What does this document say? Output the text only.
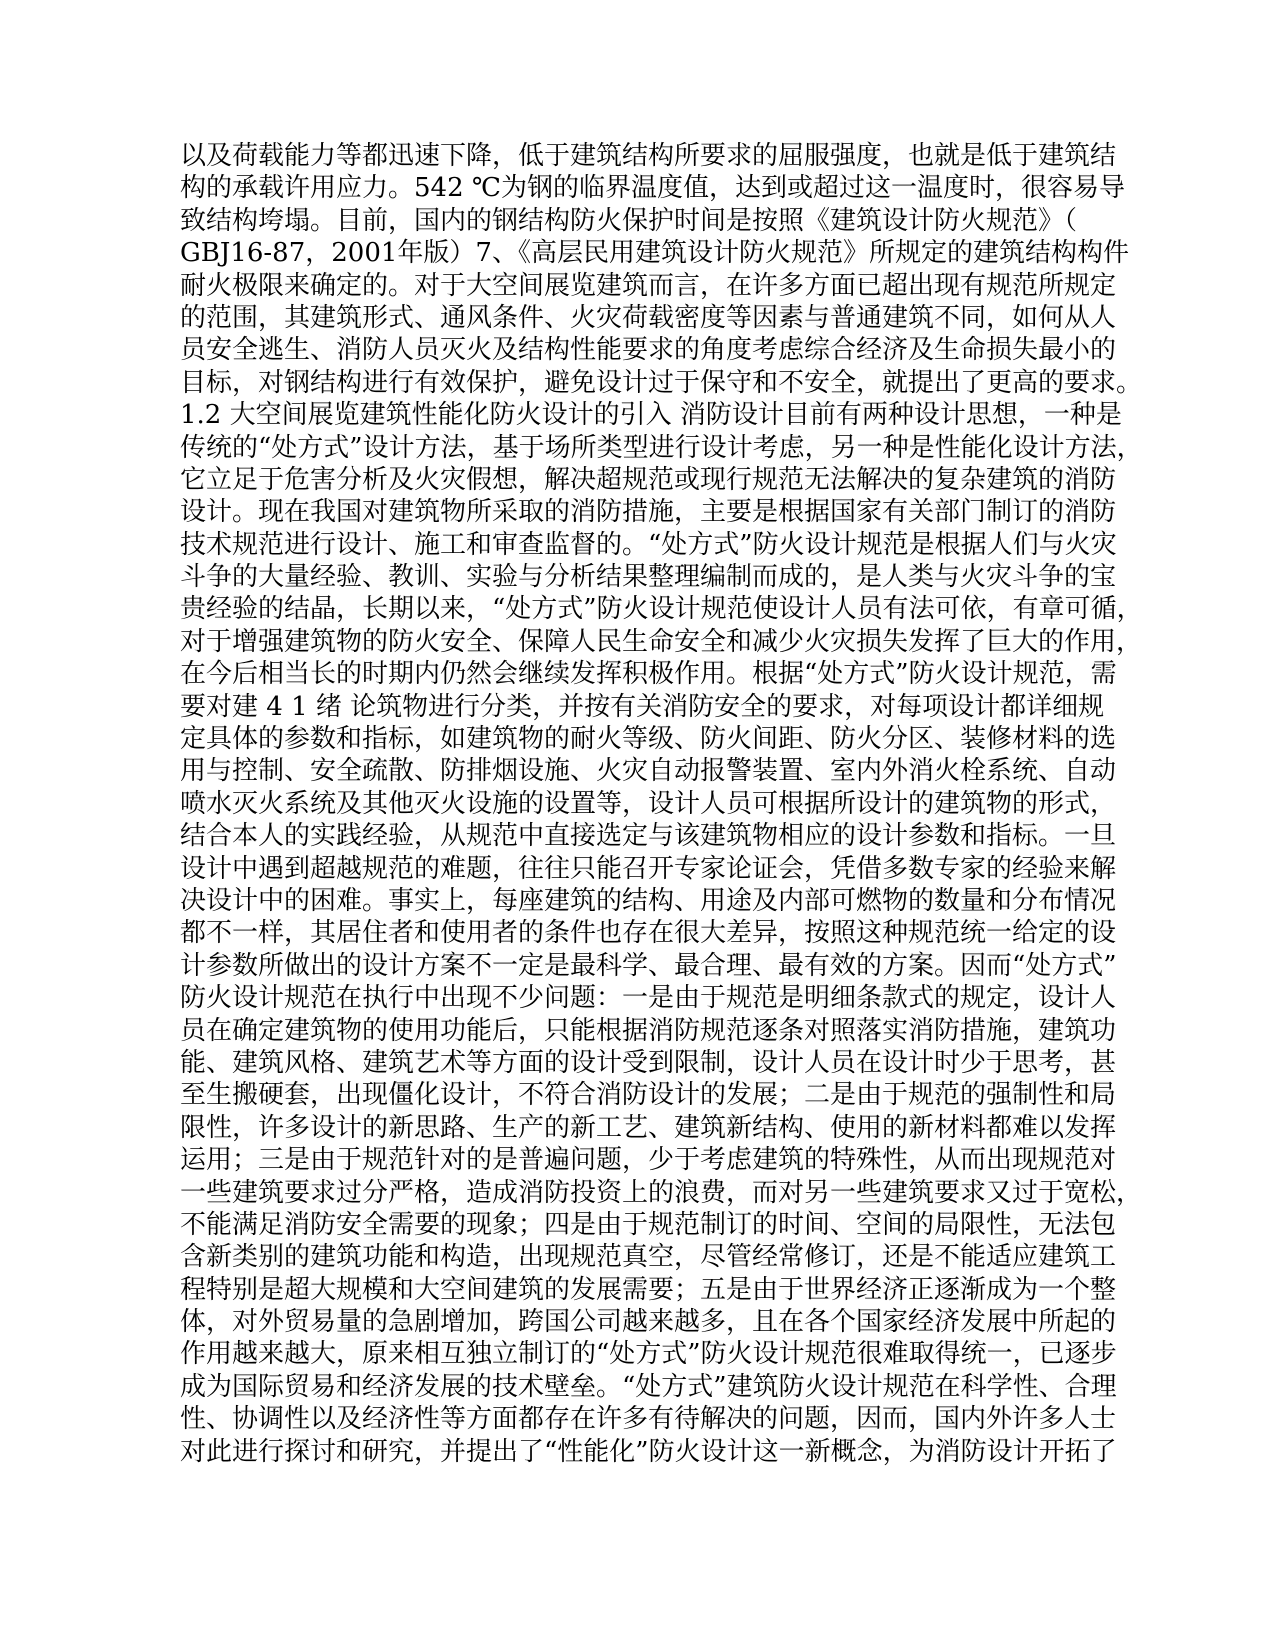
以及荷载能力等都迅速下降，低于建筑结构所要求的屈服强度，也就是低于建筑结
构的承载许用应力。542 ℃为钢的临界温度值，达到或超过这一温度时，很容易导
致结构垮塌。目前，国内的钢结构防火保护时间是按照《建筑设计防火规范》（
GBJ16-87，2001年版）7、《高层民用建筑设计防火规范》所规定的建筑结构构件
耐火极限来确定的。对于大空间展览建筑而言，在许多方面已超出现有规范所规定
的范围，其建筑形式、通风条件、火灾荷载密度等因素与普通建筑不同，如何从人
员安全逃生、消防人员灭火及结构性能要求的角度考虑综合经济及生命损失最小的
目标，对钢结构进行有效保护，避免设计过于保守和不安全，就提出了更高的要求。
1.2 大空间展览建筑性能化防火设计的引入 消防设计目前有两种设计思想，一种是
传统的“处方式”设计方法，基于场所类型进行设计考虑，另一种是性能化设计方法，
它立足于危害分析及火灾假想，解决超规范或现行规范无法解决的复杂建筑的消防
设计。现在我国对建筑物所采取的消防措施，主要是根据国家有关部门制订的消防
技术规范进行设计、施工和审查监督的。“处方式”防火设计规范是根据人们与火灾
斗争的大量经验、教训、实验与分析结果整理编制而成的，是人类与火灾斗争的宝
贵经验的结晶，长期以来，“处方式”防火设计规范使设计人员有法可依，有章可循，
对于增强建筑物的防火安全、保障人民生命安全和减少火灾损失发挥了巨大的作用，
在今后相当长的时期内仍然会继续发挥积极作用。根据“处方式”防火设计规范，需
要对建 4 1 绪 论筑物进行分类，并按有关消防安全的要求，对每项设计都详细规
定具体的参数和指标，如建筑物的耐火等级、防火间距、防火分区、装修材料的选
用与控制、安全疏散、防排烟设施、火灾自动报警装置、室内外消火栓系统、自动
喷水灭火系统及其他灭火设施的设置等，设计人员可根据所设计的建筑物的形式，
结合本人的实践经验，从规范中直接选定与该建筑物相应的设计参数和指标。一旦
设计中遇到超越规范的难题，往往只能召开专家论证会，凭借多数专家的经验来解
决设计中的困难。事实上，每座建筑的结构、用途及内部可燃物的数量和分布情况
都不一样，其居住者和使用者的条件也存在很大差异，按照这种规范统一给定的设
计参数所做出的设计方案不一定是最科学、最合理、最有效的方案。因而“处方式”
防火设计规范在执行中出现不少问题：一是由于规范是明细条款式的规定，设计人
员在确定建筑物的使用功能后，只能根据消防规范逐条对照落实消防措施，建筑功
能、建筑风格、建筑艺术等方面的设计受到限制，设计人员在设计时少于思考，甚
至生搬硬套，出现僵化设计，不符合消防设计的发展；二是由于规范的强制性和局
限性，许多设计的新思路、生产的新工艺、建筑新结构、使用的新材料都难以发挥
运用；三是由于规范针对的是普遍问题，少于考虑建筑的特殊性，从而出现规范对
一些建筑要求过分严格，造成消防投资上的浪费，而对另一些建筑要求又过于宽松，
不能满足消防安全需要的现象；四是由于规范制订的时间、空间的局限性，无法包
含新类别的建筑功能和构造，出现规范真空，尽管经常修订，还是不能适应建筑工
程特别是超大规模和大空间建筑的发展需要；五是由于世界经济正逐渐成为一个整
体，对外贸易量的急剧增加，跨国公司越来越多，且在各个国家经济发展中所起的
作用越来越大，原来相互独立制订的“处方式”防火设计规范很难取得统一，已逐步
成为国际贸易和经济发展的技术壁垒。“处方式”建筑防火设计规范在科学性、合理
性、协调性以及经济性等方面都存在许多有待解决的问题，因而，国内外许多人士
对此进行探讨和研究，并提出了“性能化”防火设计这一新概念，为消防设计开拓了
